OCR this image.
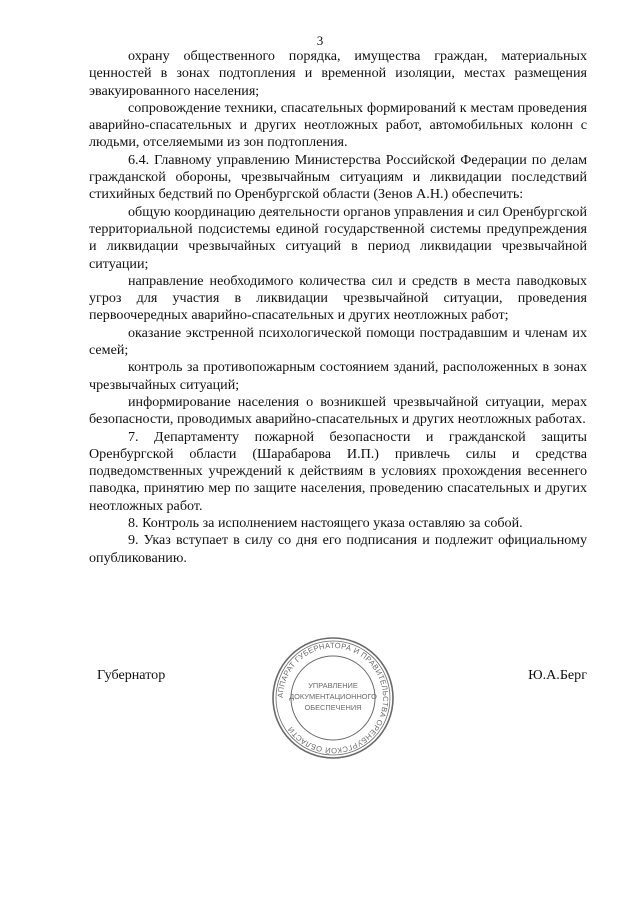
3

охрану общественного порядка, имущества граждан, материальных ценностей в зонах подтопления и временной изоляции, местах размещения эвакуированного населения;

сопровождение техники, спасательных формирований к местам проведения аварийно-спасательных и других неотложных работ, автомобильных колонн с людьми, отселяемыми из зон подтопления.

6.4. Главному управлению Министерства Российской Федерации по делам гражданской обороны, чрезвычайным ситуациям и ликвидации последствий стихийных бедствий по Оренбургской области (Зенов А.Н.) обеспечить:

общую координацию деятельности органов управления и сил Оренбургской территориальной подсистемы единой государственной системы предупреждения и ликвидации чрезвычайных ситуаций в период ликвидации чрезвычайной ситуации;

направление необходимого количества сил и средств в места паводковых угроз для участия в ликвидации чрезвычайной ситуации, проведения первоочередных аварийно-спасательных и других неотложных работ;

оказание экстренной психологической помощи пострадавшим и членам их семей;

контроль за противопожарным состоянием зданий, расположенных в зонах чрезвычайных ситуаций;

информирование населения о возникшей чрезвычайной ситуации, мерах безопасности, проводимых аварийно-спасательных и других неотложных работах.

7. Департаменту пожарной безопасности и гражданской защиты Оренбургской области (Шарабарова И.П.) привлечь силы и средства подведомственных учреждений к действиям в условиях прохождения весеннего паводка, принятию мер по защите населения, проведению спасательных и других неотложных работ.

8. Контроль за исполнением настоящего указа оставляю за собой.

9. Указ вступает в силу со дня его подписания и подлежит официальному опубликованию.

Губернатор
АППАРАТ ГУБЕРНАТОРА И ПРАВИТЕЛЬСТВА ОРЕНБУРГСКОЙ ОБЛАСТИ
УПРАВЛЕНИЕ
ДОКУМЕНТАЦИОННОГО
ОБЕСПЕЧЕНИЯ
Ю.А.Берг
